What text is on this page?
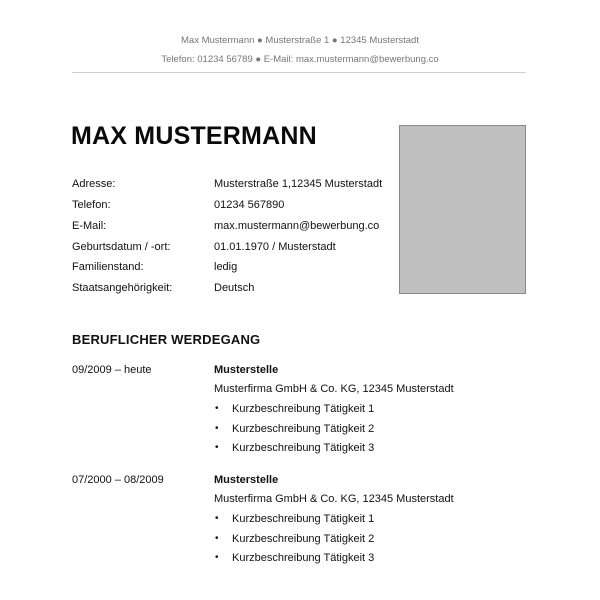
Max Mustermann ● Musterstraße 1 ● 12345 Musterstadt
Telefon: 01234 56789 ● E-Mail: max.mustermann@bewerbung.co
MAX MUSTERMANN
Adresse:	Musterstraße 1,12345 Musterstadt
Telefon:	01234 567890
E-Mail:	max.mustermann@bewerbung.co
Geburtsdatum / -ort:	01.01.1970 / Musterstadt
Familienstand:	ledig
Staatsangehörigkeit:	Deutsch
BERUFLICHER WERDEGANG
09/2009 – heute	Musterstelle
Musterfirma GmbH & Co. KG, 12345 Musterstadt
• Kurzbeschreibung Tätigkeit 1
• Kurzbeschreibung Tätigkeit 2
• Kurzbeschreibung Tätigkeit 3
07/2000 – 08/2009	Musterstelle
Musterfirma GmbH & Co. KG, 12345 Musterstadt
• Kurzbeschreibung Tätigkeit 1
• Kurzbeschreibung Tätigkeit 2
• Kurzbeschreibung Tätigkeit 3
